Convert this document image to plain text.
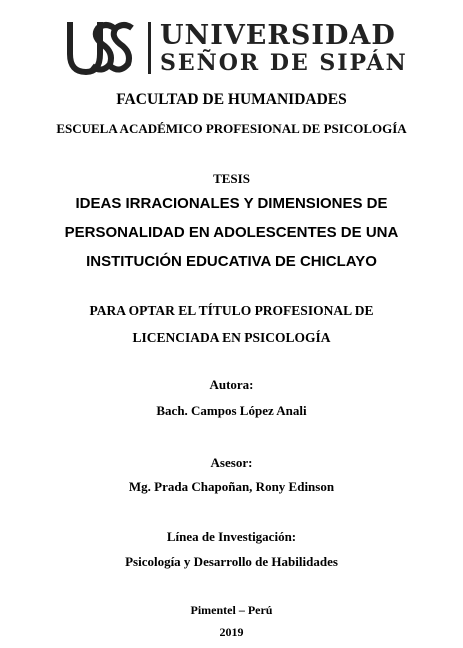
UNIVERSIDAD
SEÑOR DE SIPÁN
FACULTAD DE HUMANIDADES
ESCUELA ACADÉMICO PROFESIONAL DE PSICOLOGÍA
TESIS
IDEAS IRRACIONALES Y DIMENSIONES DE
PERSONALIDAD EN ADOLESCENTES DE UNA
INSTITUCIÓN EDUCATIVA DE CHICLAYO
PARA OPTAR EL TÍTULO PROFESIONAL DE
LICENCIADA EN PSICOLOGÍA
Autora:
Bach. Campos López Anali
Asesor:
Mg. Prada Chapoñan, Rony Edinson
Línea de Investigación:
Psicología y Desarrollo de Habilidades
Pimentel – Perú
2019
